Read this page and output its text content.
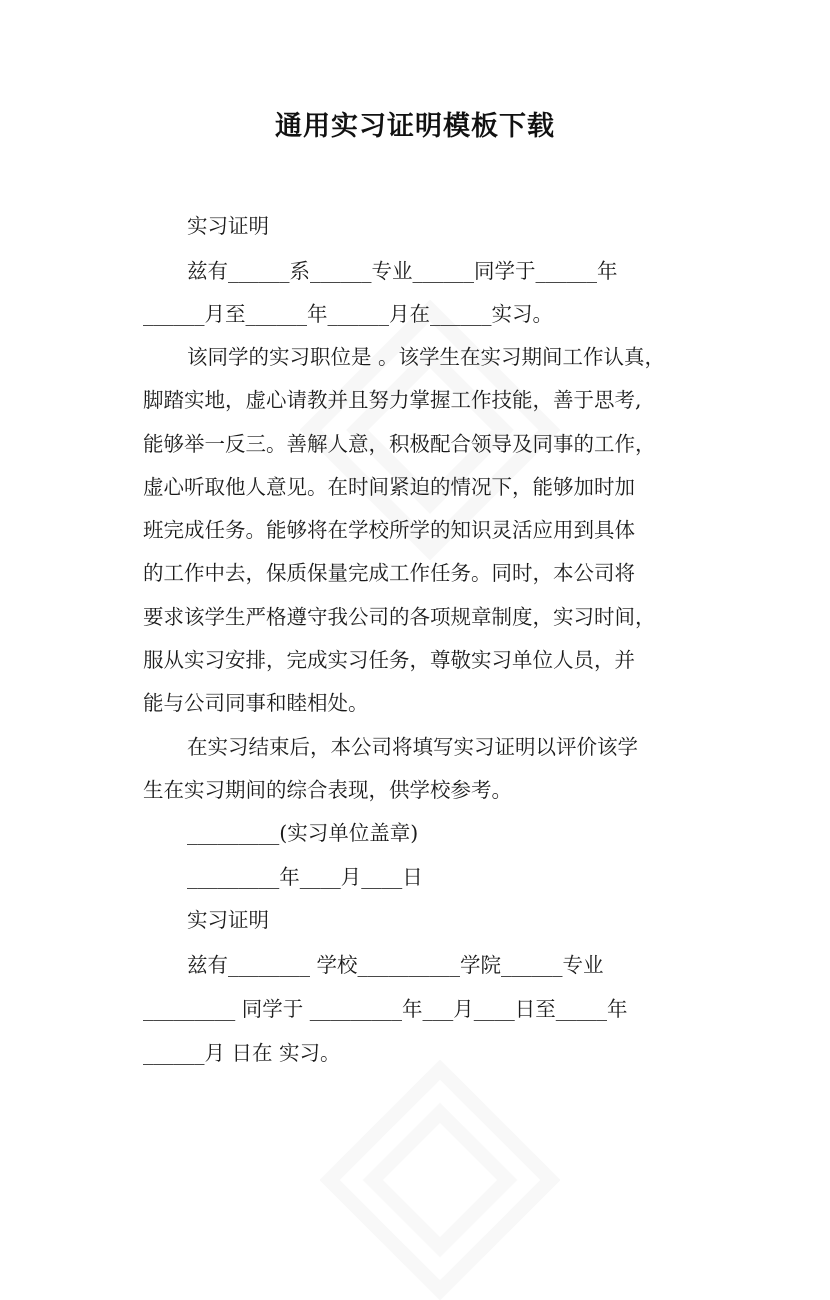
通用实习证明模板下载
实习证明
兹有______系______专业______同学于______年
______月至______年______月在______实习。
该同学的实习职位是 。该学生在实习期间工作认真，
脚踏实地，虚心请教并且努力掌握工作技能，善于思考,
能够举一反三。善解人意，积极配合领导及同事的工作，
虚心听取他人意见。在时间紧迫的情况下，能够加时加
班完成任务。能够将在学校所学的知识灵活应用到具体
的工作中去，保质保量完成工作任务。同时，本公司将
要求该学生严格遵守我公司的各项规章制度，实习时间，
服从实习安排，完成实习任务，尊敬实习单位人员，并
能与公司同事和睦相处。
在实习结束后，本公司将填写实习证明以评价该学
生在实习期间的综合表现，供学校参考。
_________(实习单位盖章)
_________年____月____日
实习证明
兹有________ 学校__________学院______专业
_________ 同学于 _________年___月____日至_____年
______月 日在 实习。
